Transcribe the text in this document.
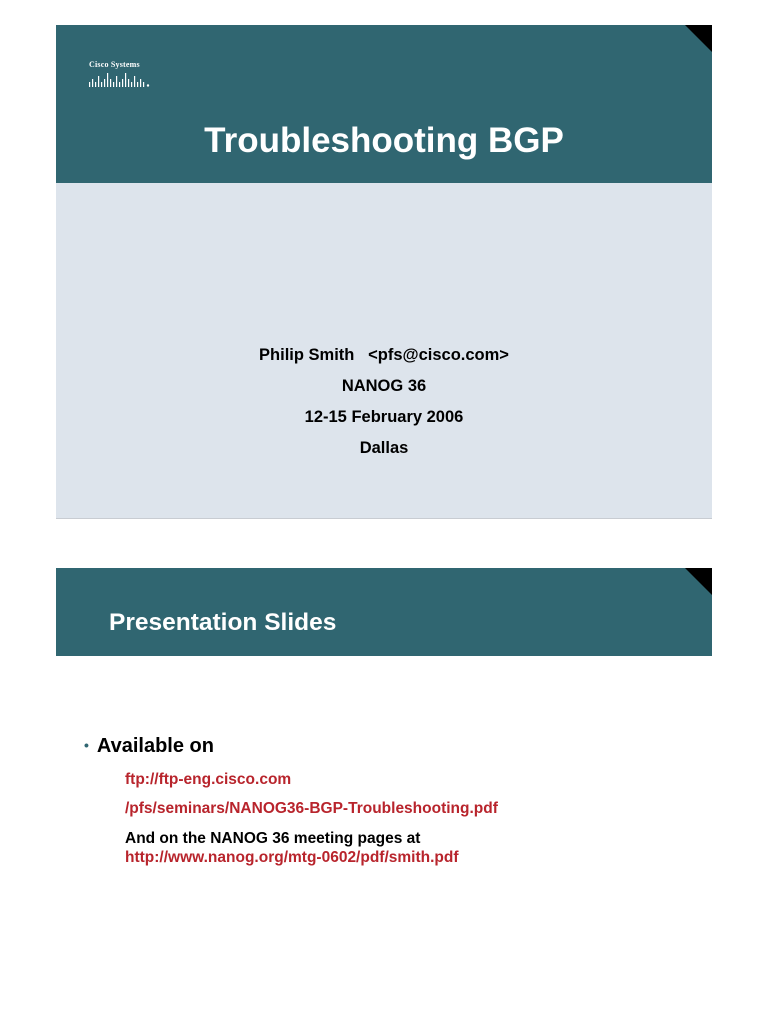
Cisco Systems
Troubleshooting BGP
Philip Smith   <pfs@cisco.com>
NANOG 36
12-15 February 2006
Dallas
Presentation Slides
• Available on
ftp://ftp-eng.cisco.com
/pfs/seminars/NANOG36-BGP-Troubleshooting.pdf
And on the NANOG 36 meeting pages at
http://www.nanog.org/mtg-0602/pdf/smith.pdf
